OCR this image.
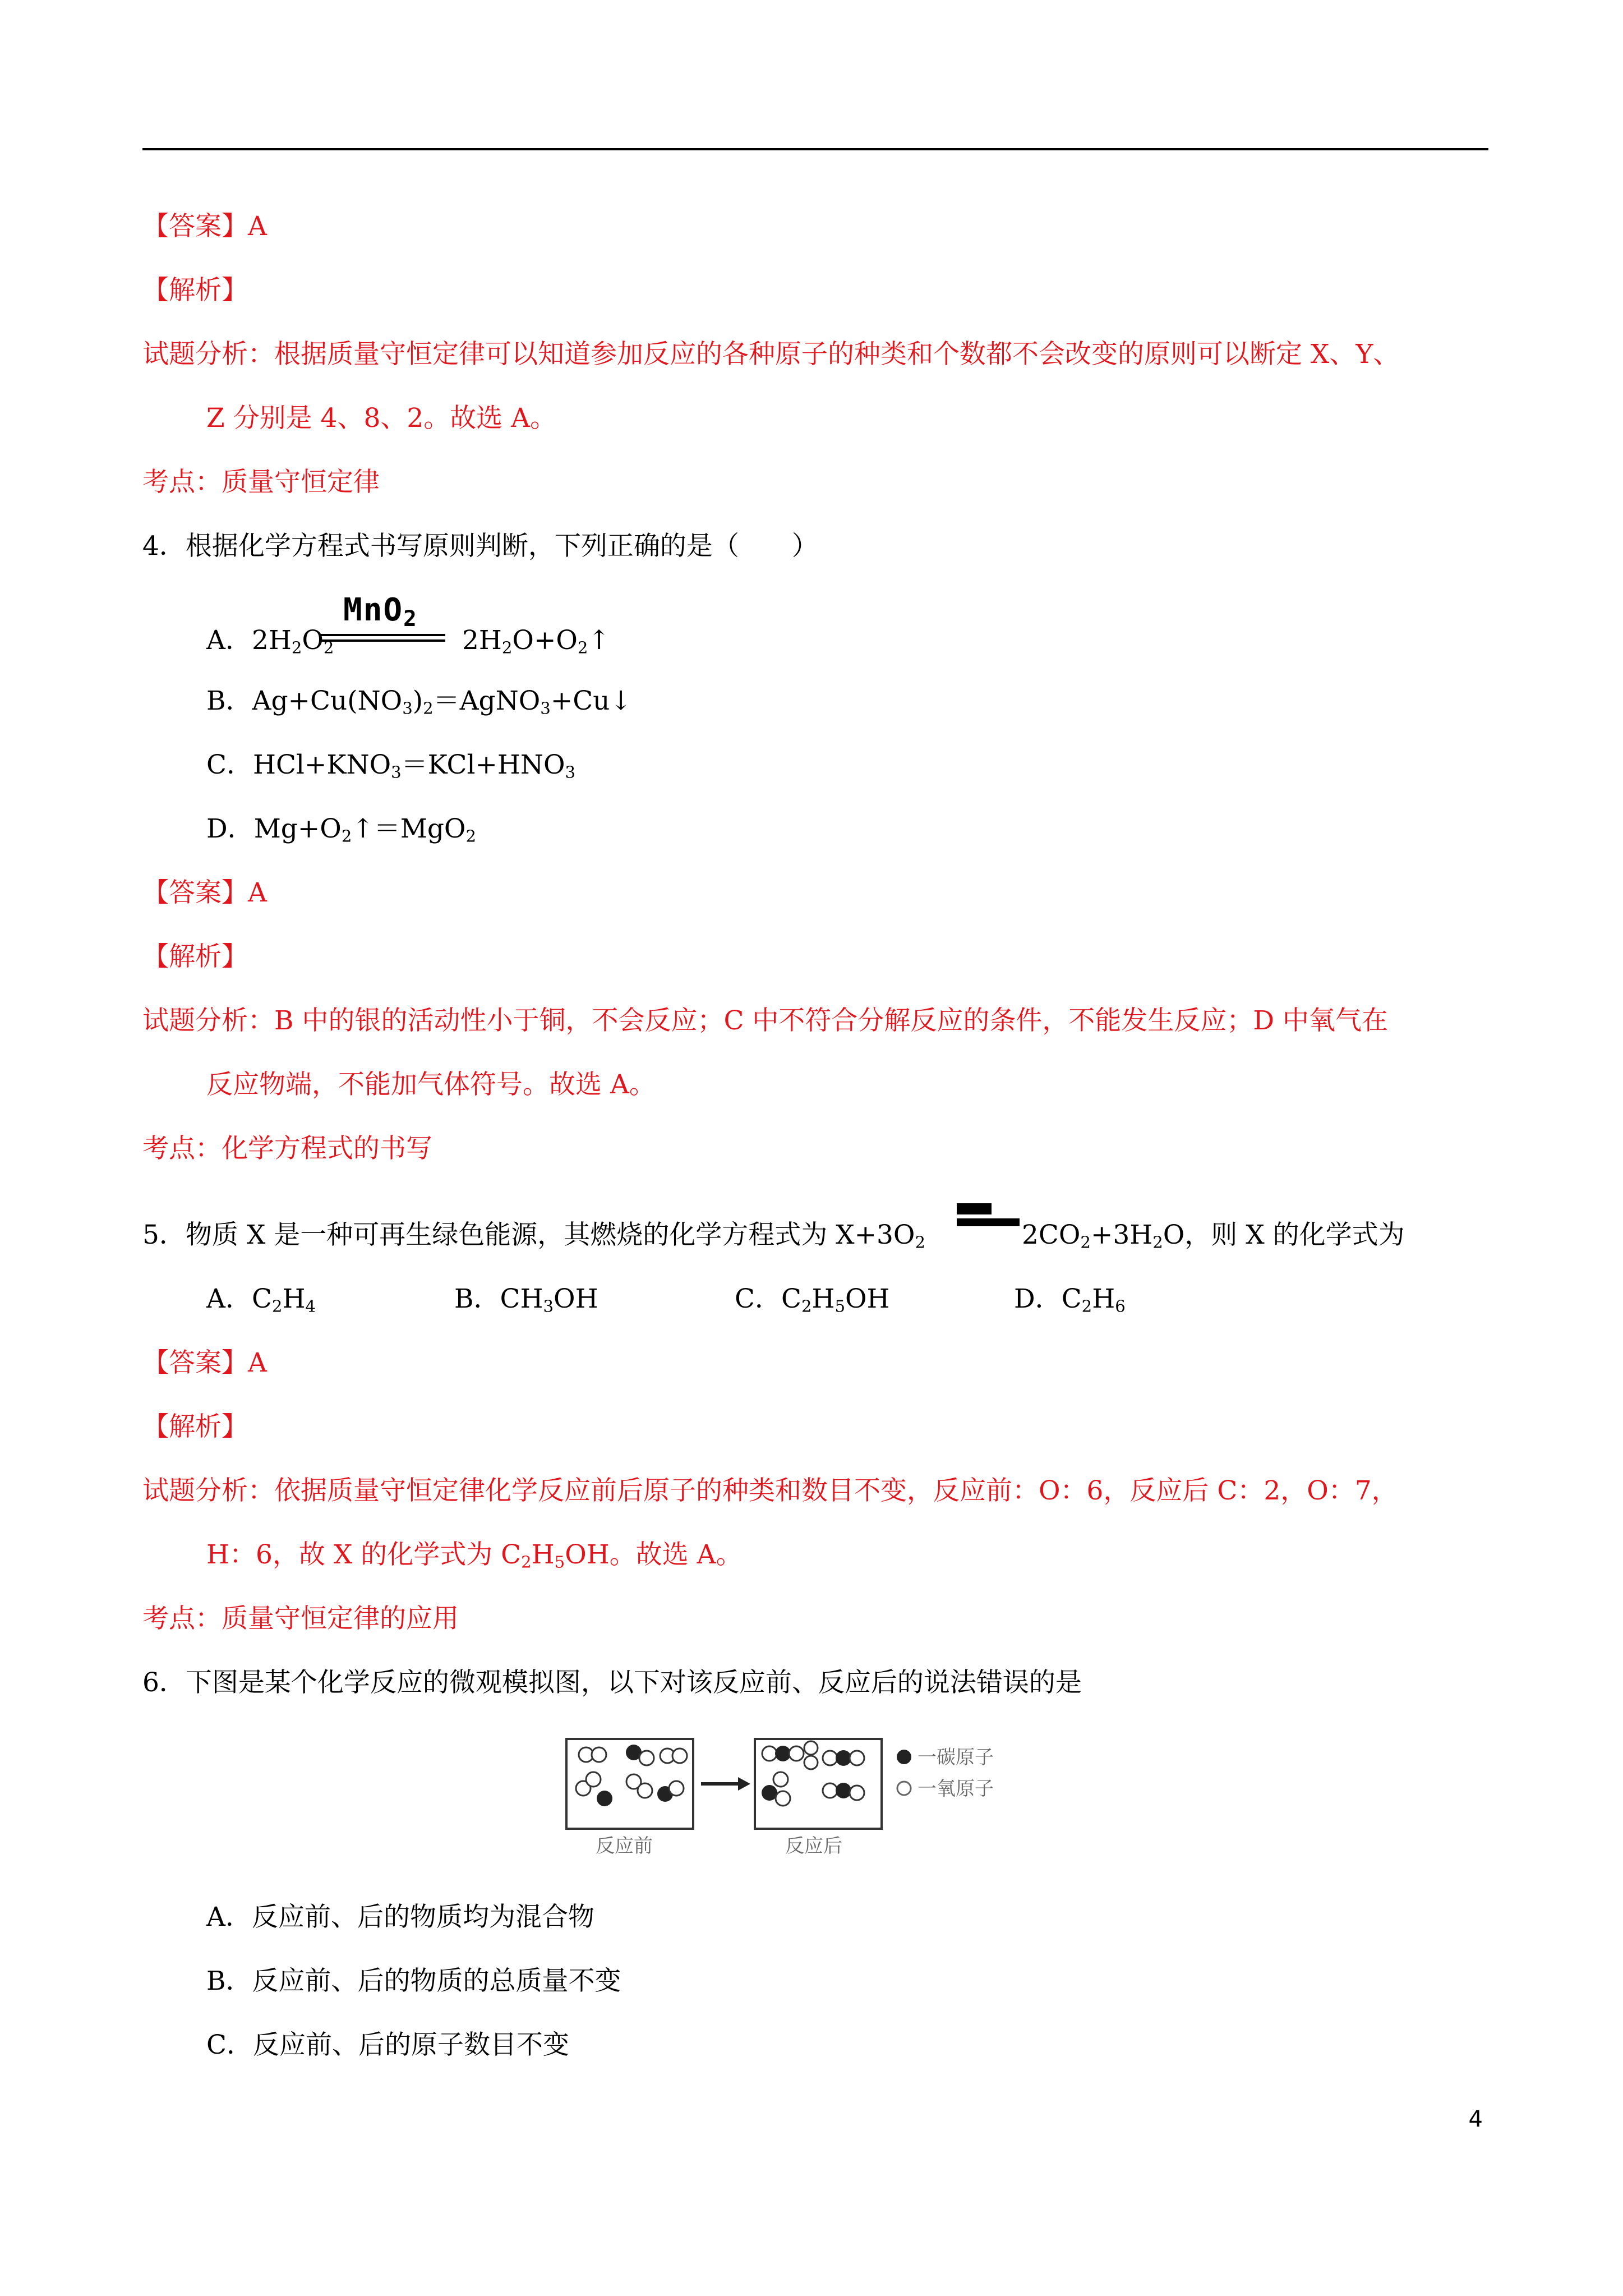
【答案】A
【解析】
试题分析：根据质量守恒定律可以知道参加反应的各种原子的种类和个数都不会改变的原则可以断定 X、Y、
Z 分别是 4、8、2。故选 A。
考点：质量守恒定律
4．根据化学方程式书写原则判断，下列正确的是（　　）
A．$2H_2O_2$
MnO$_2$
$2H_2O+O_2↑$
B．$Ag+Cu(NO_3)_2=AgNO_3+Cu↓$
C．$HCl+KNO_3=KCl+HNO_3$
D．$Mg+O_2↑=MgO_2$
【答案】A
【解析】
试题分析：B 中的银的活动性小于铜，不会反应；C 中不符合分解反应的条件，不能发生反应；D 中氧气在
反应物端，不能加气体符号。故选 A。
考点：化学方程式的书写
5．物质 X 是一种可再生绿色能源，其燃烧的化学方程式为 $X+3O_2$	$2CO_2+3H_2O$，则 X 的化学式为
A．$C_2H_4$	B．$CH_3OH$	C．$C_2H_5OH$	D．$C_2H_6$
【答案】A
【解析】
试题分析：依据质量守恒定律化学反应前后原子的种类和数目不变，反应前：O：6，反应后 C：2，O：7，
H：6，故 X 的化学式为 $C_2H_5OH$。故选 A。
考点：质量守恒定律的应用
6．下图是某个化学反应的微观模拟图，以下对该反应前、反应后的说法错误的是
一碳原子
一氧原子
反应前	反应后
A．反应前、后的物质均为混合物
B．反应前、后的物质的总质量不变
C．反应前、后的原子数目不变
4
